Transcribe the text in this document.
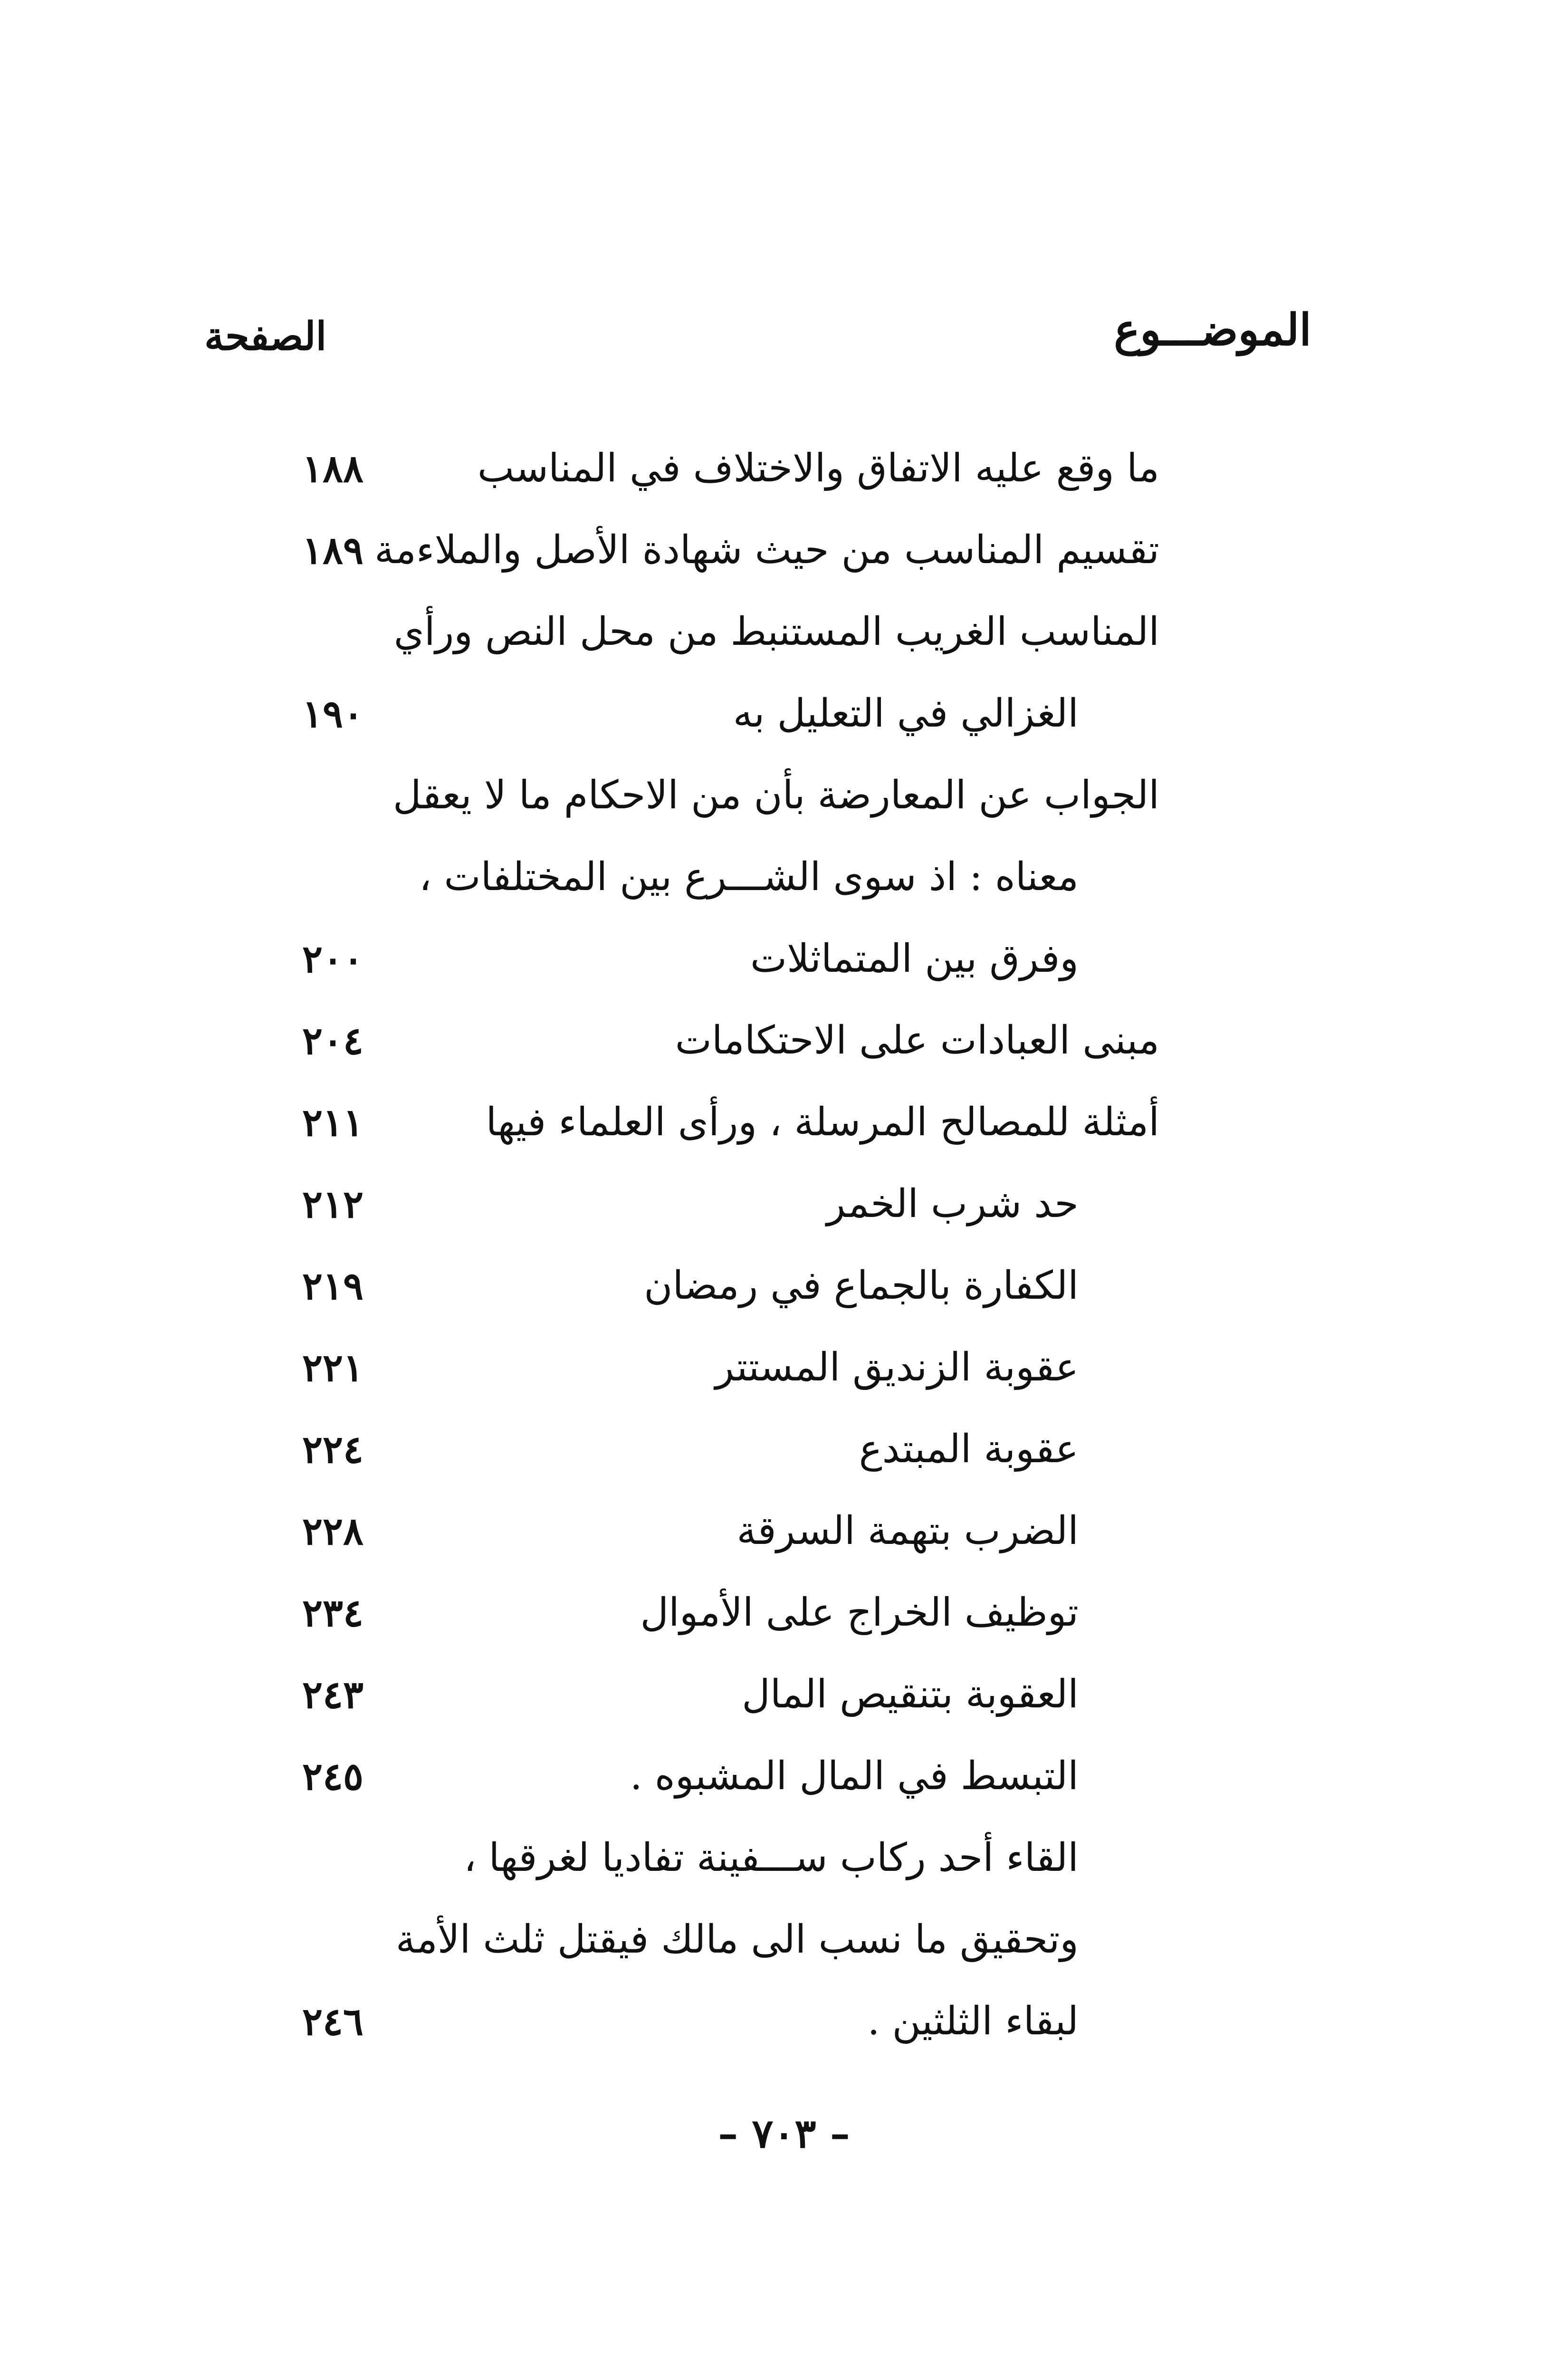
الموضـــوع
الصفحة
ما وقع عليه الاتفاق والاختلاف في المناسب
١٨٨
تقسيم المناسب من حيث شهادة الأصل والملاءمة
١٨٩
المناسب الغريب المستنبط من محل النص ورأي
الغزالي في التعليل به
١٩٠
الجواب عن المعارضة بأن من الاحكام ما لا يعقل
معناه : اذ سوى الشـــرع بين المختلفات ،
وفرق بين المتماثلات
٢٠٠
مبنى العبادات على الاحتكامات
٢٠٤
أمثلة للمصالح المرسلة ، ورأى العلماء فيها
٢١١
حد شرب الخمر
٢١٢
الكفارة بالجماع في رمضان
٢١٩
عقوبة الزنديق المستتر
٢٢١
عقوبة المبتدع
٢٢٤
الضرب بتهمة السرقة
٢٢٨
توظيف الخراج على الأموال
٢٣٤
العقوبة بتنقيص المال
٢٤٣
التبسط في المال المشبوه .
٢٤٥
القاء أحد ركاب ســـفينة تفاديا لغرقها ،
وتحقيق ما نسب الى مالك فيقتل ثلث الأمة
لبقاء الثلثين .
٢٤٦
– ٧٠٣ –
